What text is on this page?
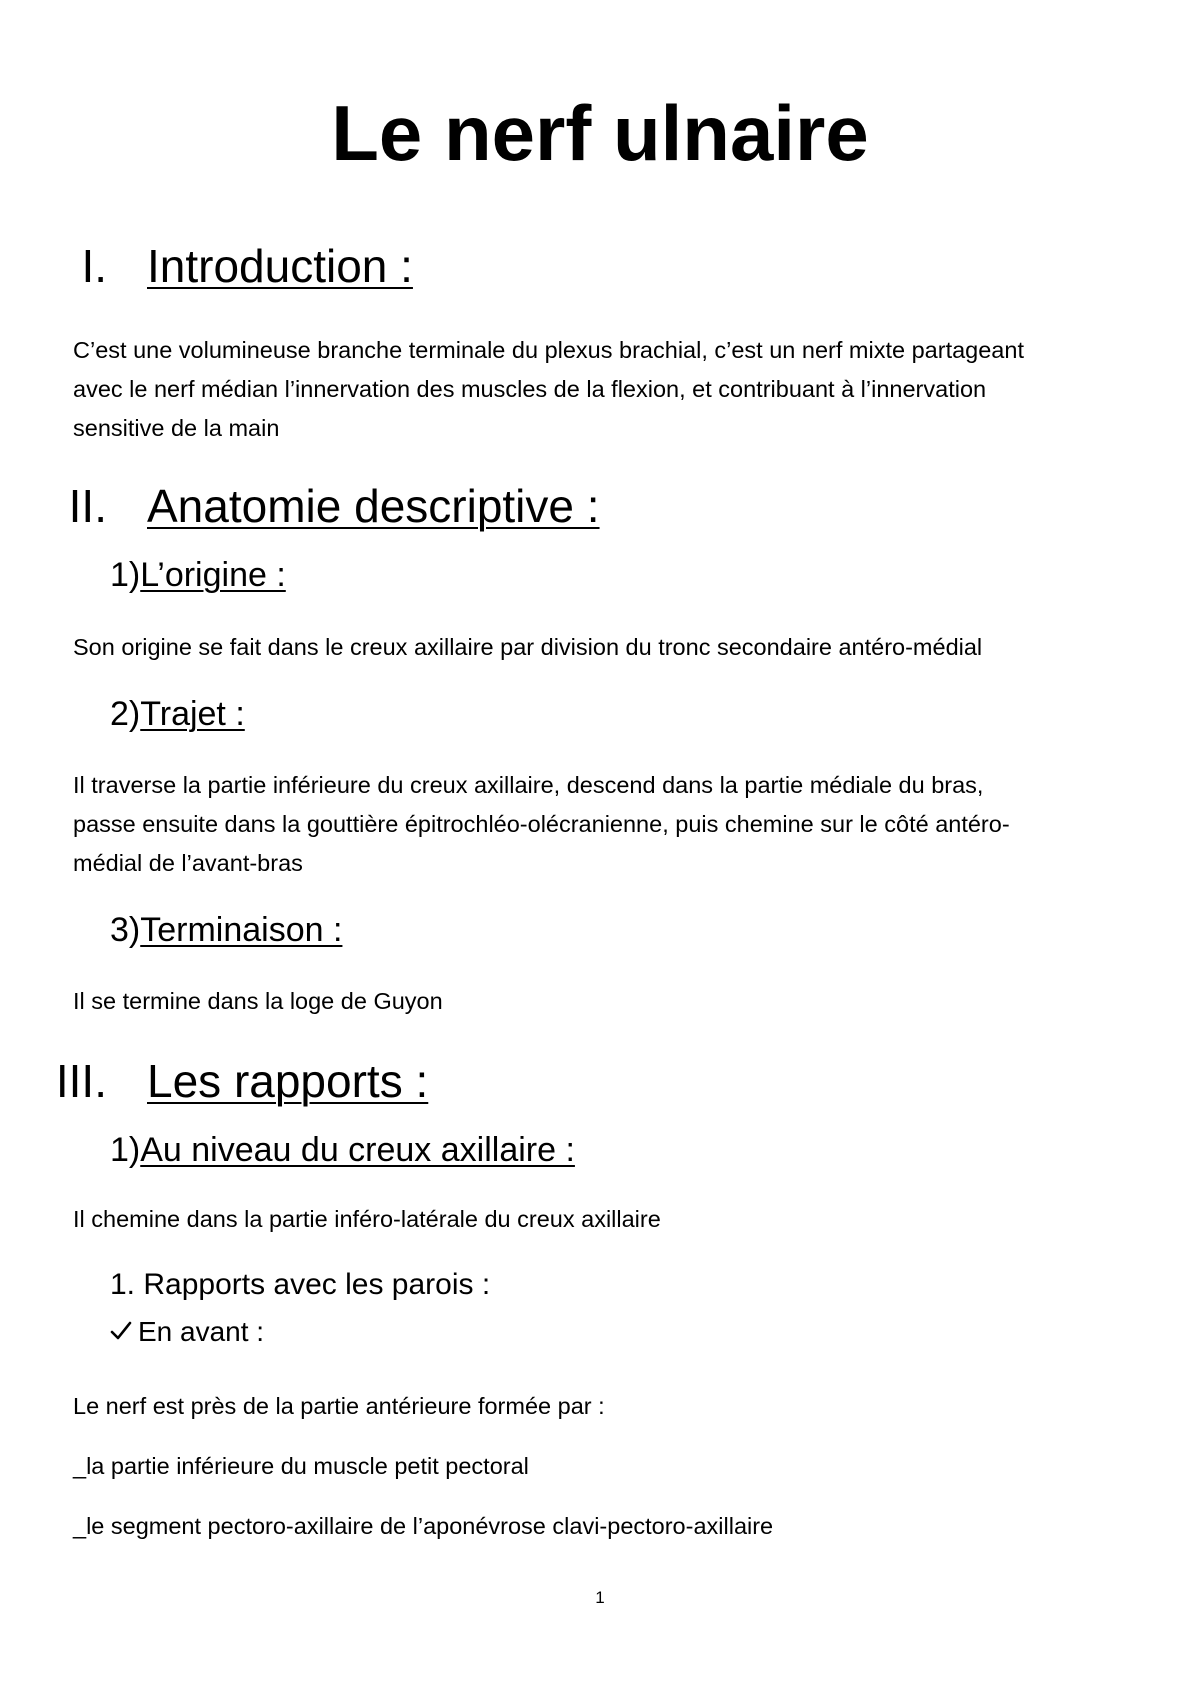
Le nerf ulnaire
I. Introduction :

C’est une volumineuse branche terminale du plexus brachial, c’est un nerf mixte partageant

avec le nerf médian l’innervation des muscles de la flexion, et contribuant à l’innervation

sensitive de la main

II. Anatomie descriptive :
1)L’origine :

Son origine se fait dans le creux axillaire par division du tronc secondaire antéro-médial

2)Trajet :

Il traverse la partie inférieure du creux axillaire, descend dans la partie médiale du bras,

passe ensuite dans la gouttière épitrochléo-olécranienne, puis chemine sur le côté antéro-

médial de l’avant-bras

3)Terminaison :

Il se termine dans la loge de Guyon

III. Les rapports :
1)Au niveau du creux axillaire :

Il chemine dans la partie inféro-latérale du creux axillaire

1. Rapports avec les parois :
En avant :

Le nerf est près de la partie antérieure formée par :

_la partie inférieure du muscle petit pectoral

_le segment pectoro-axillaire de l’aponévrose clavi-pectoro-axillaire

1
